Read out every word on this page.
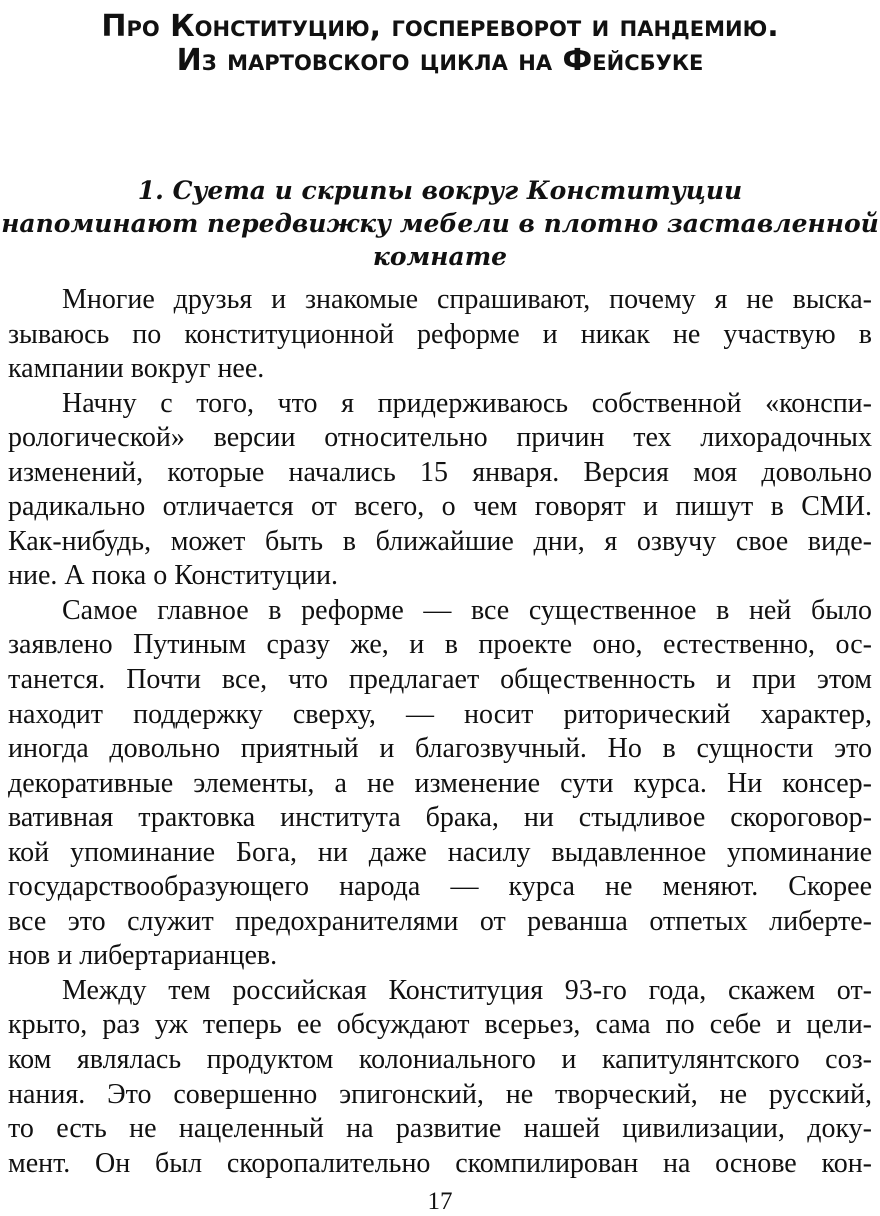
Про Конституцию, госпереворот и пандемию.
Из мартовского цикла на Фейсбуке
1. Суета и скрипы вокруг Конституции
напоминают передвижку мебели в плотно заставленной
комнате
Многие друзья и знакомые спрашивают, почему я не выска-
зываюсь по конституционной реформе и никак не участвую в
кампании вокруг нее.
Начну с того, что я придерживаюсь собственной «конспи-
рологической» версии относительно причин тех лихорадочных
изменений, которые начались 15 января. Версия моя довольно
радикально отличается от всего, о чем говорят и пишут в СМИ.
Как-нибудь, может быть в ближайшие дни, я озвучу свое виде-
ние. А пока о Конституции.
Самое главное в реформе — все существенное в ней было
заявлено Путиным сразу же, и в проекте оно, естественно, ос-
танется. Почти все, что предлагает общественность и при этом
находит поддержку сверху, — носит риторический характер,
иногда довольно приятный и благозвучный. Но в сущности это
декоративные элементы, а не изменение сути курса. Ни консер-
вативная трактовка института брака, ни стыдливое скороговор-
кой упоминание Бога, ни даже насилу выдавленное упоминание
государствообразующего народа — курса не меняют. Скорее
все это служит предохранителями от реванша отпетых либерте-
нов и либертарианцев.
Между тем российская Конституция 93-го года, скажем от-
крыто, раз уж теперь ее обсуждают всерьез, сама по себе и цели-
ком являлась продуктом колониального и капитулянтского соз-
нания. Это совершенно эпигонский, не творческий, не русский,
то есть не нацеленный на развитие нашей цивилизации, доку-
мент. Он был скоропалительно скомпилирован на основе кон-
17
